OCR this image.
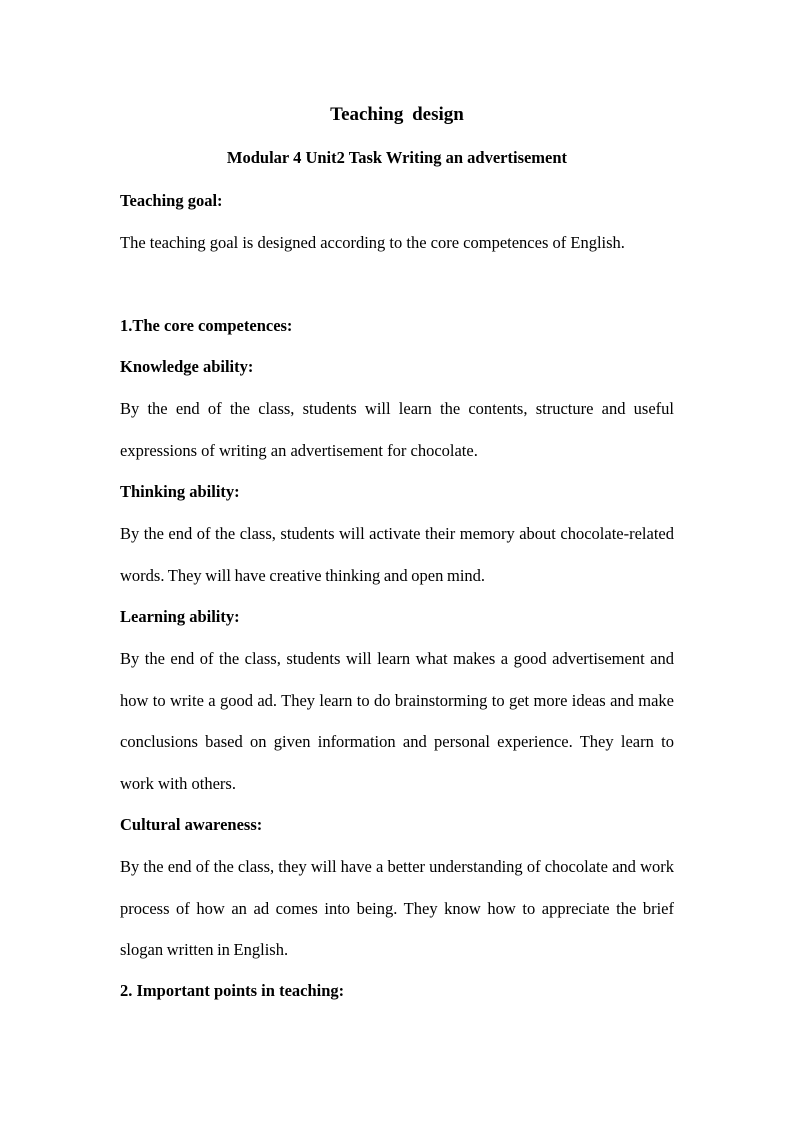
Teaching design
Modular 4 Unit2 Task Writing an advertisement
Teaching goal:

The teaching goal is designed according to the core competences of English.

1.The core competences:
Knowledge ability:

By the end of the class, students will learn the contents, structure and useful expressions of writing an advertisement for chocolate.

Thinking ability:

By the end of the class, students will activate their memory about chocolate-related words. They will have creative thinking and open mind.

Learning ability:

By the end of the class, students will learn what makes a good advertisement and how to write a good ad. They learn to do brainstorming to get more ideas and make conclusions based on given information and personal experience. They learn to work with others.

Cultural awareness:

By the end of the class, they will have a better understanding of chocolate and work process of how an ad comes into being. They know how to appreciate the brief slogan written in English.

2. Important points in teaching:
